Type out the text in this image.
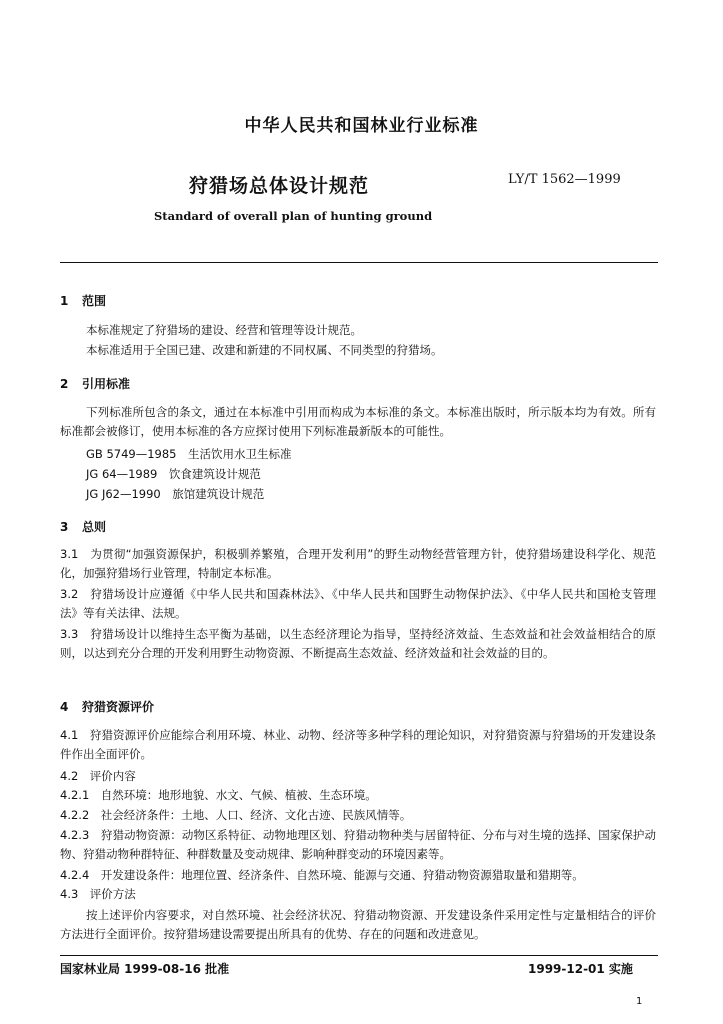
中华人民共和国林业行业标准
狩猎场总体设计规范	LY/T 1562—1999
Standard of overall plan of hunting ground
1 范围
本标准规定了狩猎场的建设、经营和管理等设计规范。
本标准适用于全国已建、改建和新建的不同权属、不同类型的狩猎场。
2 引用标准
下列标准所包含的条文，通过在本标准中引用而构成为本标准的条文。本标准出版时，所示版本均为有效。所有标准都会被修订，使用本标准的各方应探讨使用下列标准最新版本的可能性。
GB 5749—1985　生活饮用水卫生标准
JG 64—1989　饮食建筑设计规范
JG J62—1990　旅馆建筑设计规范
3 总则
3.1　为贯彻“加强资源保护，积极驯养繁殖，合理开发利用”的野生动物经营管理方针，使狩猎场建设科学化、规范化，加强狩猎场行业管理，特制定本标准。
3.2　狩猎场设计应遵循《中华人民共和国森林法》、《中华人民共和国野生动物保护法》、《中华人民共和国枪支管理法》等有关法律、法规。
3.3　狩猎场设计以维持生态平衡为基础，以生态经济理论为指导，坚持经济效益、生态效益和社会效益相结合的原则，以达到充分合理的开发利用野生动物资源、不断提高生态效益、经济效益和社会效益的目的。
4 狩猎资源评价
4.1　狩猎资源评价应能综合利用环境、林业、动物、经济等多种学科的理论知识，对狩猎资源与狩猎场的开发建设条件作出全面评价。
4.2　评价内容
4.2.1　自然环境：地形地貌、水文、气候、植被、生态环境。
4.2.2　社会经济条件：土地、人口、经济、文化古迹、民族风情等。
4.2.3　狩猎动物资源：动物区系特征、动物地理区划、狩猎动物种类与居留特征、分布与对生境的选择、国家保护动物、狩猎动物种群特征、种群数量及变动规律、影响种群变动的环境因素等。
4.2.4　开发建设条件：地理位置、经济条件、自然环境、能源与交通、狩猎动物资源猎取量和猎期等。
4.3　评价方法
按上述评价内容要求，对自然环境、社会经济状况、狩猎动物资源、开发建设条件采用定性与定量相结合的评价方法进行全面评价。按狩猎场建设需要提出所具有的优势、存在的问题和改进意见。
国家林业局 1999-08-16 批准	1999-12-01 实施
1
